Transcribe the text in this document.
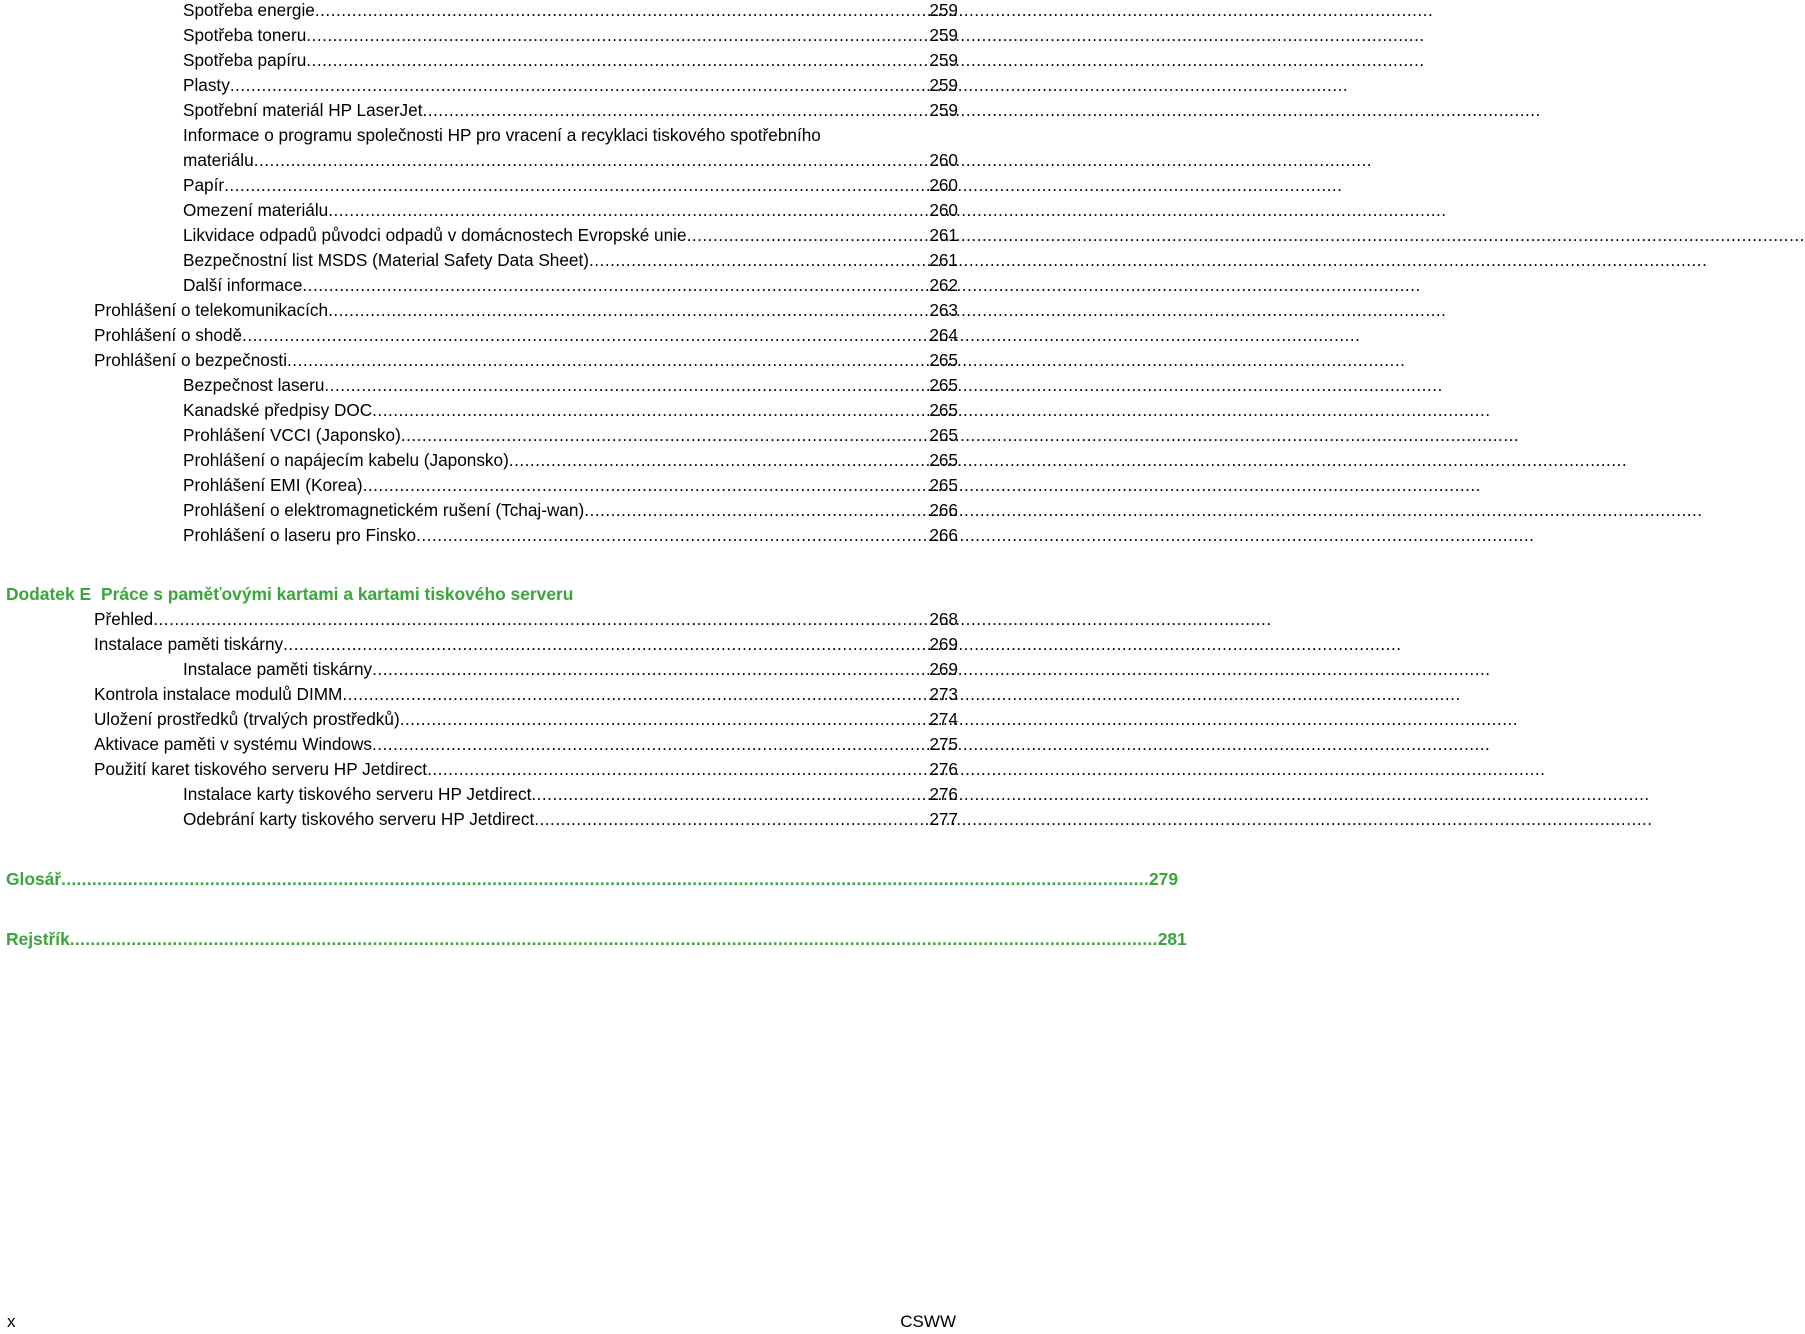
Spotřeba energie .....	259
Spotřeba toneru .....	259
Spotřeba papíru .....	259
Plasty .....	259
Spotřební materiál HP LaserJet .....	259
Informace o programu společnosti HP pro vracení a recyklaci tiskového spotřebního
materiálu .....	260
Papír .....	260
Omezení materiálu .....	260
Likvidace odpadů původci odpadů v domácnostech Evropské unie .....	261
Bezpečnostní list MSDS (Material Safety Data Sheet) .....	261
Další informace .....	262
Prohlášení o telekomunikacích .....	263
Prohlášení o shodě .....	264
Prohlášení o bezpečnosti .....	265
Bezpečnost laseru .....	265
Kanadské předpisy DOC .....	265
Prohlášení VCCI (Japonsko) .....	265
Prohlášení o napájecím kabelu (Japonsko) .....	265
Prohlášení EMI (Korea) .....	265
Prohlášení o elektromagnetickém rušení (Tchaj-wan) .....	266
Prohlášení o laseru pro Finsko .....	266
Dodatek E Práce s paměťovými kartami a kartami tiskového serveru
Přehled .....	268
Instalace paměti tiskárny .....	269
Instalace paměti tiskárny .....	269
Kontrola instalace modulů DIMM .....	273
Uložení prostředků (trvalých prostředků) .....	274
Aktivace paměti v systému Windows .....	275
Použití karet tiskového serveru HP Jetdirect .....	276
Instalace karty tiskového serveru HP Jetdirect .....	276
Odebrání karty tiskového serveru HP Jetdirect .....	277
Glosář .....	279
Rejstřík .....	281
x	CSWW
